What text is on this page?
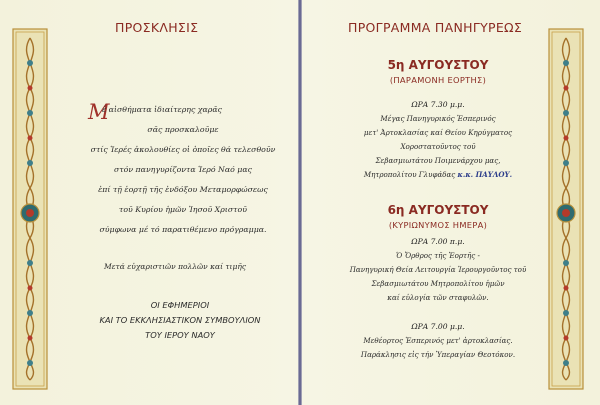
ΠΡΟΣΚΛΗΣΙΣ
Μ
έ αἰσθήματα ἰδιαίτερης χαρᾶς
σᾶς προσκαλοῦμε
στίς Ἱερές ἀκολουθίες οἱ ὁποῖες θά τελεσθοῦν
στόν πανηγυρίζοντα Ἱερό Ναό μας
ἐπί τῇ ἑορτῇ τῆς ἐνδόξου Μεταμορφώσεως
τοῦ Κυρίου ἡμῶν Ἰησοῦ Χριστοῦ
σύμφωνα μέ τό παρατιθέμενο πρόγραμμα.
Μετά εὐχαριστιῶν πολλῶν καί τιμῆς
ΟΙ ΕΦΗΜΕΡΙΟΙ
ΚΑΙ ΤΟ ΕΚΚΛΗΣΙΑΣΤΙΚΟΝ ΣΥΜΒΟΥΛΙΟΝ
ΤΟΥ ΙΕΡΟΥ ΝΑΟΥ
ΠΡΟΓΡΑΜΜΑ ΠΑΝΗΓΥΡΕΩΣ
5η ΑΥΓΟΥΣΤΟΥ
(ΠΑΡΑΜΟΝΗ ΕΟΡΤΗΣ)
ΩΡΑ 7.30 μ.μ.
Μέγας Πανηγυρικός Ἑσπερινός
μετ' Ἀρτοκλασίας καί Θείου Κηρύγματος
Χοροστατοῦντος τοῦ
Σεβασμιωτάτου Ποιμενάρχου μας,
Μητροπολίτου Γλυφάδας κ.κ. ΠΑΥΛΟΥ.
6η ΑΥΓΟΥΣΤΟΥ
(ΚΥΡΙΩΝΥΜΟΣ ΗΜΕΡΑ)
ΩΡΑ 7.00 π.μ.
Ὁ Ὄρθρος τῆς Ἑορτῆς -
Πανηγυρική Θεία Λειτουργία Ἱερουργοῦντος τοῦ
Σεβασμιωτάτου Μητροπολίτου ἡμῶν
καί εὐλογία τῶν σταφυλῶν.
ΩΡΑ 7.00 μ.μ.
Μεθέορτος Ἑσπερινός μετ' ἀρτοκλασίας.
Παράκλησις εἰς τήν Ὑπεραγίαν Θεοτόκον.
